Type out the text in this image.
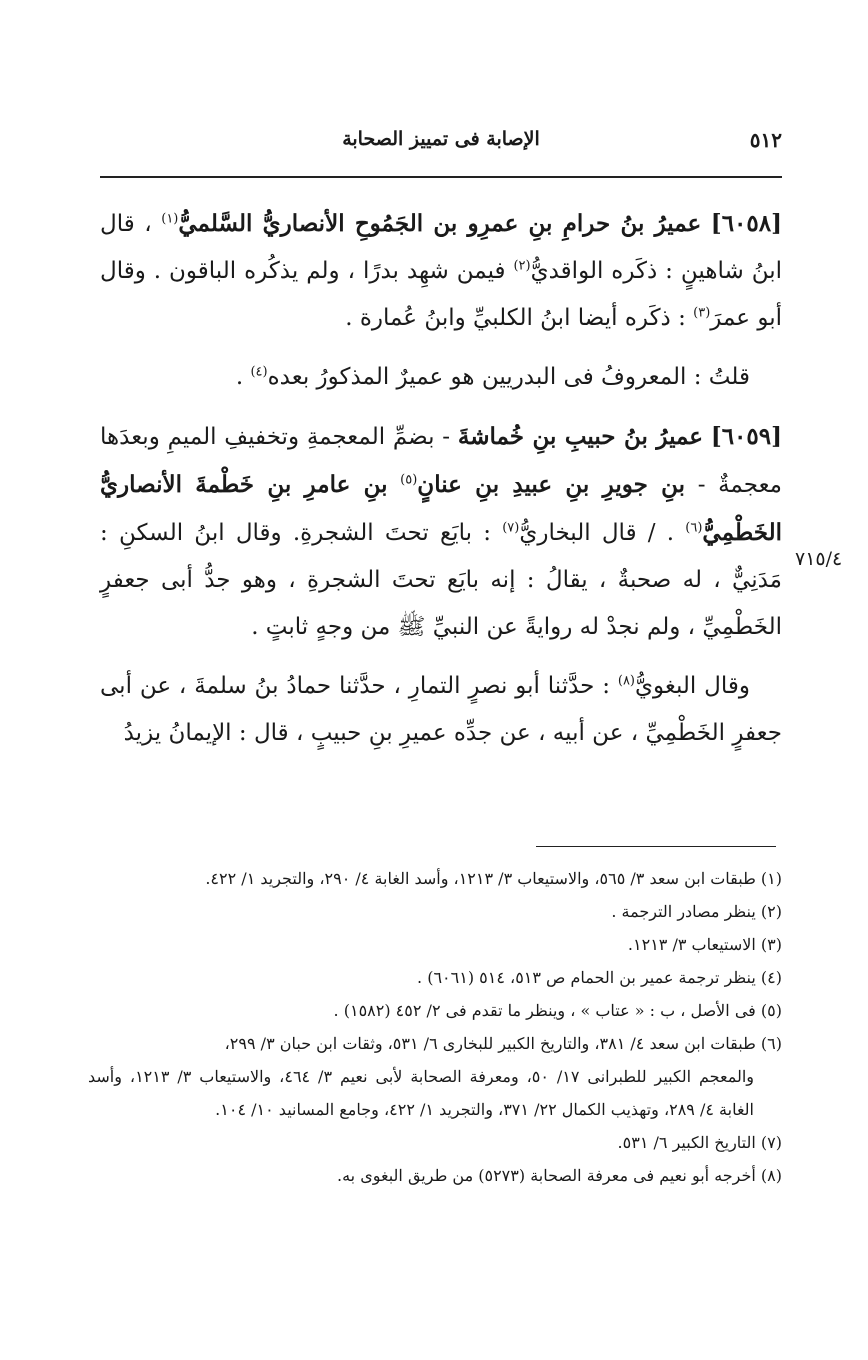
٥١٢
الإصابة فى تمييز الصحابة

[٦٠٥٨] عميرُ بنُ حرامِ بنِ عمرِو بن الجَمُوحِ الأنصاريُّ السَّلميُّ$^{(١)}$ ، قال ابنُ شاهينٍ : ذكَره الواقديُّ$^{(٢)}$ فيمن شهِد بدرًا ، ولم يذكُره الباقون . وقال أبو عمرَ$^{(٣)}$ : ذكَره أيضا ابنُ الكلبيِّ وابنُ عُمارة .

قلتُ : المعروفُ فى البدريين هو عميرٌ المذكورُ بعده$^{(٤)}$ .

[٦٠٥٩] عميرُ بنُ حبيبِ بنِ خُماشةَ - بضمِّ المعجمةِ وتخفيفِ الميمِ وبعدَها معجمةٌ - بنِ جويرِ بنِ عبيدِ بنِ عنانٍ$^{(٥)}$ بنِ عامرِ بنِ خَطْمةَ الأنصاريُّ الخَطْمِيُّ$^{(٦)}$ . / قال البخاريُّ$^{(٧)}$ : بايَع تحتَ الشجرةِ. وقال ابنُ السكنِ : مَدَنِيٌّ ، له صحبةٌ ، يقالُ : إنه بايَع تحتَ الشجرةِ ، وهو جدُّ أبى جعفرٍ الخَطْمِيِّ ، ولم نجدْ له روايةً عن النبيِّ ﷺ من وجهٍ ثابتٍ .

وقال البغويُّ$^{(٨)}$ : حدَّثنا أبو نصرٍ التمارِ ، حدَّثنا حمادُ بنُ سلمةَ ، عن أبى جعفرٍ الخَطْمِيِّ ، عن أبيه ، عن جدِّه عميرِ بنِ حبيبٍ ، قال : الإيمانُ يزيدُ

٧١٥/٤

(١) طبقات ابن سعد ٣/ ٥٦٥، والاستيعاب ٣/ ١٢١٣، وأسد الغابة ٤/ ٢٩٠، والتجريد ١/ ٤٢٢.

(٢) ينظر مصادر الترجمة .

(٣) الاستيعاب ٣/ ١٢١٣.

(٤) ينظر ترجمة عمير بن الحمام ص ٥١٣، ٥١٤ (٦٠٦١) .

(٥) فى الأصل ، ب : « عتاب » ، وينظر ما تقدم فى ٢/ ٤٥٢ (١٥٨٢) .

(٦) طبقات ابن سعد ٤/ ٣٨١، والتاريخ الكبير للبخارى ٦/ ٥٣١، وثقات ابن حبان ٣/ ٢٩٩،

والمعجم الكبير للطبرانى ١٧/ ٥٠، ومعرفة الصحابة لأبى نعيم ٣/ ٤٦٤، والاستيعاب ٣/ ١٢١٣، وأسد الغابة ٤/ ٢٨٩، وتهذيب الكمال ٢٢/ ٣٧١، والتجريد ١/ ٤٢٢، وجامع المسانيد ١٠/ ١٠٤.

(٧) التاريخ الكبير ٦/ ٥٣١.

(٨) أخرجه أبو نعيم فى معرفة الصحابة (٥٢٧٣) من طريق البغوى به.
